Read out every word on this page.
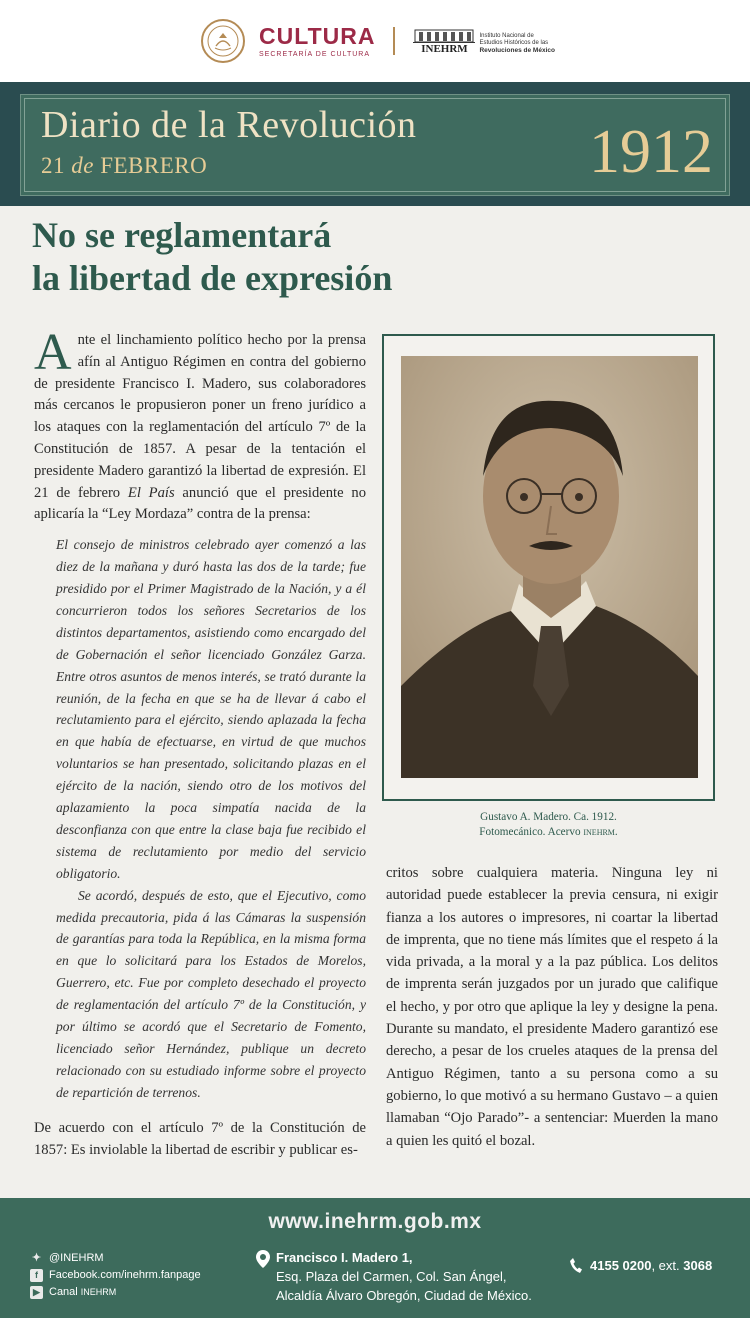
CULTURA
SECRETARÍA DE CULTURA	INEHRM
Instituto Nacional de
Estudios Históricos de las
Revoluciones de México
Diario de la Revolución
21 de FEBRERO	1912
No se reglamentará
la libertad de expresión

Ante el linchamiento político hecho por la prensa afín al Antiguo Régimen en contra del gobierno de presidente Francisco I. Madero, sus colaboradores más cercanos le propusieron poner un freno jurídico a los ataques con la reglamentación del artículo 7º de la Constitución de 1857. A pesar de la tentación el presidente Madero garantizó la libertad de expresión. El 21 de febrero El País anunció que el presidente no aplicaría la “Ley Mordaza” contra de la prensa:

El consejo de ministros celebrado ayer comenzó a las diez de la mañana y duró hasta las dos de la tarde; fue presidido por el Primer Magistrado de la Nación, y a él concurrieron todos los señores Secretarios de los distintos departamentos, asistiendo como encargado del de Gobernación el señor licenciado González Garza. Entre otros asuntos de menos interés, se trató durante la reunión, de la fecha en que se ha de llevar á cabo el reclutamiento para el ejército, siendo aplazada la fecha en que había de efectuarse, en virtud de que muchos voluntarios se han presentado, solicitando plazas en el ejército de la nación, siendo otro de los motivos del aplazamiento la poca simpatía nacida de la desconfianza con que entre la clase baja fue recibido el sistema de reclutamiento por medio del servicio obligatorio.

Se acordó, después de esto, que el Ejecutivo, como medida precautoria, pida á las Cámaras la suspensión de garantías para toda la República, en la misma forma en que lo solicitará para los Estados de Morelos, Guerrero, etc. Fue por completo desechado el proyecto de reglamentación del artículo 7º de la Constitución, y por último se acordó que el Secretario de Fomento, licenciado señor Hernández, publique un decreto relacionado con su estudiado informe sobre el proyecto de repartición de terrenos.

De acuerdo con el artículo 7º de la Constitución de 1857: Es inviolable la libertad de escribir y publicar es-

Gustavo A. Madero. Ca. 1912.
Fotomecánico. Acervo inehrm.
critos sobre cualquiera materia. Ninguna ley ni autoridad puede establecer la previa censura, ni exigir fianza a los autores o impresores, ni coartar la libertad de imprenta, que no tiene más límites que el respeto á la vida privada, a la moral y a la paz pública. Los delitos de imprenta serán juzgados por un jurado que califique el hecho, y por otro que aplique la ley y designe la pena. Durante su mandato, el presidente Madero garantizó ese derecho, a pesar de los crueles ataques de la prensa del Antiguo Régimen, tanto a su persona como a su gobierno, lo que motivó a su hermano Gustavo – a quien llamaban “Ojo Parado”- a sentenciar: Muerden la mano a quien les quitó el bozal.
www.inehrm.gob.mx
✦ @INEHRM
f	Facebook.com/inehrm.fanpage
▶ Canal INEHRM
Francisco I. Madero 1,
Esq. Plaza del Carmen, Col. San Ángel,
Alcaldía Álvaro Obregón, Ciudad de México.
4155 0200, ext. 3068
